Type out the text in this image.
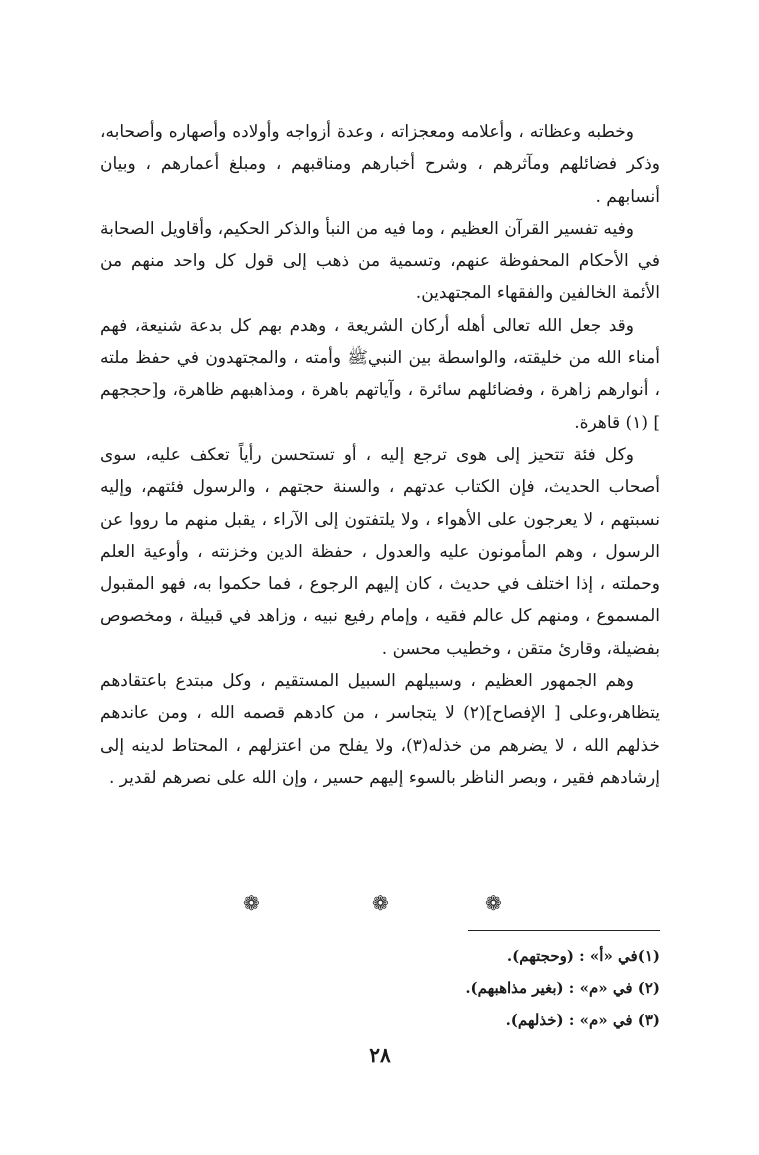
وخطبه وعظاته ، وأعلامه ومعجزاته ، وعدة أزواجه وأولاده وأصهاره وأصحابه، وذكر فضائلهم ومآثرهم ، وشرح أخبارهم ومناقبهم ، ومبلغ أعمارهم ، وبيان أنسابهم .

وفيه تفسير القرآن العظيم ، وما فيه من النبأ والذكر الحكيم، وأقاويل الصحابة في الأحكام المحفوظة عنهم، وتسمية من ذهب إلى قول كل واحد منهم من الأئمة الخالفين والفقهاء المجتهدين.

وقد جعل الله تعالى أهله أركان الشريعة ، وهدم بهم كل بدعة شنيعة، فهم أمناء الله من خليقته، والواسطة بين النبيﷺ وأمته ، والمجتهدون في حفظ ملته ، أنوارهم زاهرة ، وفضائلهم سائرة ، وآياتهم باهرة ، ومذاهبهم ظاهرة، و[حججهم ] (١) قاهرة.

وكل فئة تتحيز إلى هوى ترجع إليه ، أو تستحسن رأياً تعكف عليه، سوى أصحاب الحديث، فإن الكتاب عدتهم ، والسنة حجتهم ، والرسول فئتهم، وإليه نسبتهم ، لا يعرجون على الأهواء ، ولا يلتفتون إلى الآراء ، يقبل منهم ما رووا عن الرسول ، وهم المأمونون عليه والعدول ، حفظة الدين وخزنته ، وأوعية العلم وحملته ، إذا اختلف في حديث ، كان إليهم الرجوع ، فما حكموا به، فهو المقبول المسموع ، ومنهم كل عالم فقيه ، وإمام رفيع نبيه ، وزاهد في قبيلة ، ومخصوص بفضيلة، وقارئ متقن ، وخطيب محسن .

وهم الجمهور العظيم ، وسبيلهم السبيل المستقيم ، وكل مبتدع باعتقادهم يتظاهر،وعلى [ الإفصاح](٢) لا يتجاسر ، من كادهم قصمه الله ، ومن عاندهم خذلهم الله ، لا يضرهم من خذله(٣)، ولا يفلح من اعتزلهم ، المحتاط لدينه إلى إرشادهم فقير ، وبصر الناظر بالسوء إليهم حسير ، وإن الله على نصرهم لقدير .

❁	❁	❁

(١)في «أ» : (وحجتهم).

(٢) في «م» : (بغير مذاهبهم).

(٣) في «م» : (خذلهم).

٢٨
